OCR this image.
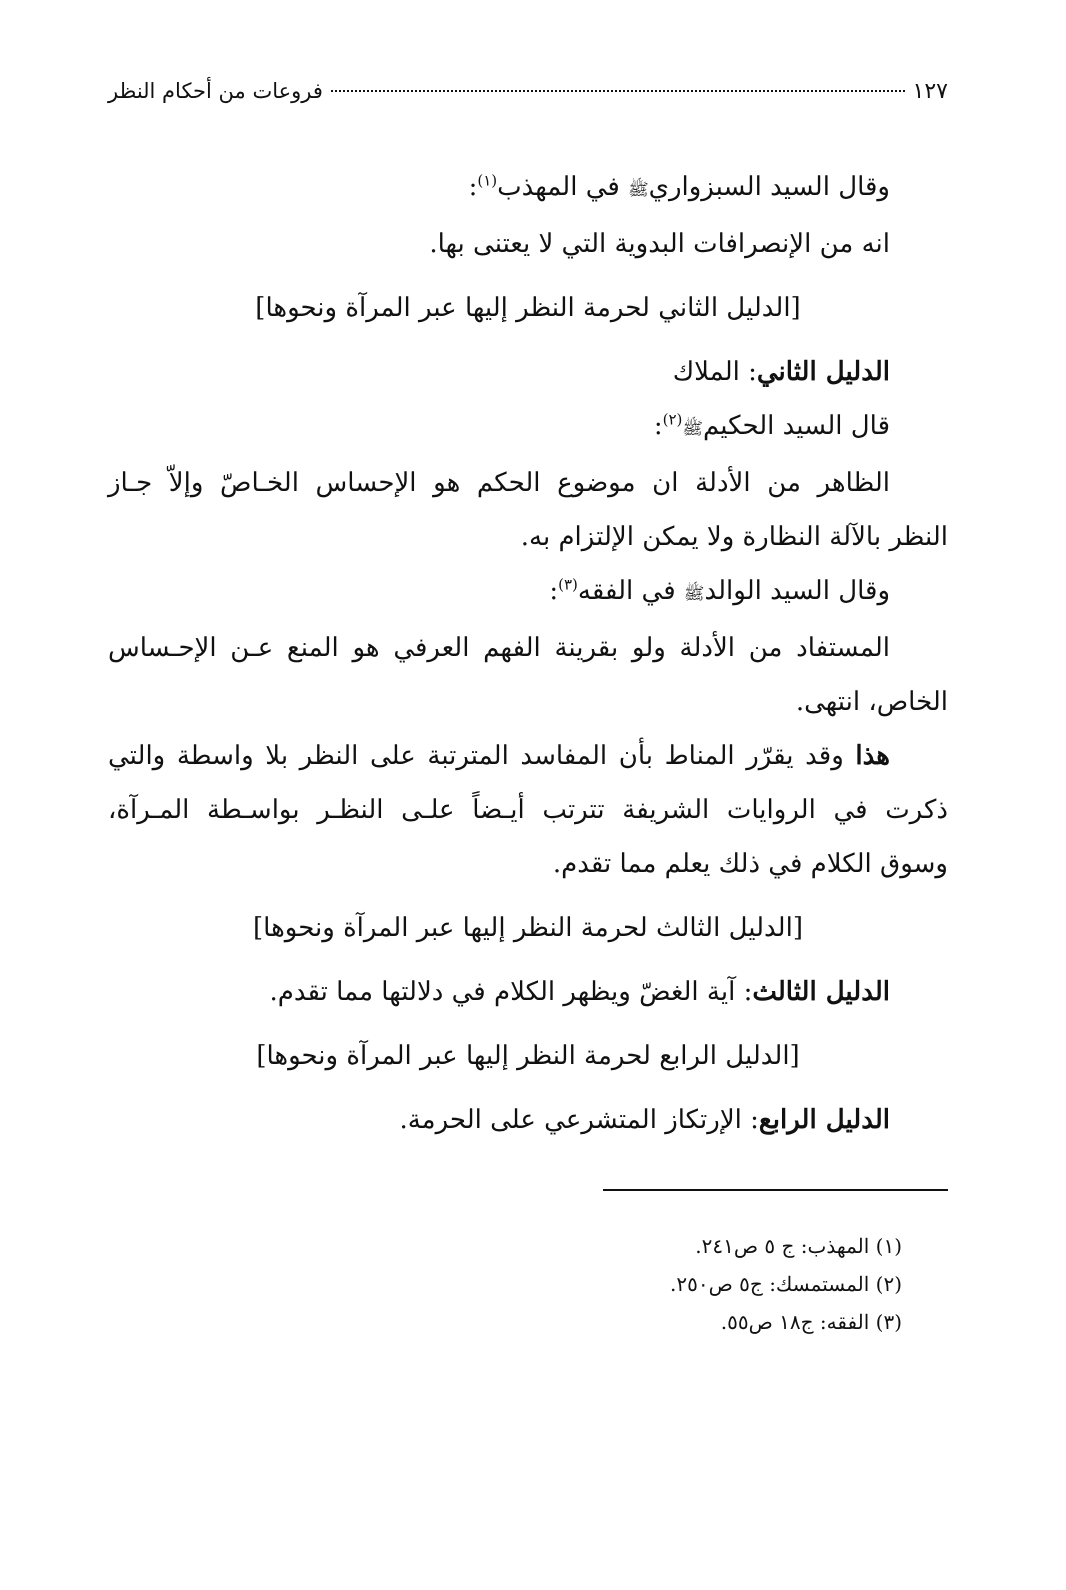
١٢٧
فروعات من أحكام النظر

وقال السيد السبزواريﷺ في المهذب$^{(١)}$:

انه من الإنصرافات البدوية التي لا يعتنى بها.

[الدليل الثاني لحرمة النظر إليها عبر المرآة ونحوها]

الدليل الثاني: الملاك

قال السيد الحكيمﷺ$^{(٢)}$:

الظاهر من الأدلة ان موضوع الحكم هو الإحساس الخـاصّ وإلاّ جـاز

النظر بالآلة النظارة ولا يمكن الإلتزام به.

وقال السيد الوالدﷺ في الفقه$^{(٣)}$:

المستفاد من الأدلة ولو بقرينة الفهم العرفي هو المنع عـن الإحـساس

الخاص، انتهى.

هذا وقد يقرّر المناط بأن المفاسد المترتبة على النظر بلا واسطة والتي

ذكرت في الروايات الشريفة تترتب أيـضاً علـى النظـر بواسـطة المـرآة،

وسوق الكلام في ذلك يعلم مما تقدم.

[الدليل الثالث لحرمة النظر إليها عبر المرآة ونحوها]

الدليل الثالث: آية الغضّ ويظهر الكلام في دلالتها مما تقدم.

[الدليل الرابع لحرمة النظر إليها عبر المرآة ونحوها]

الدليل الرابع: الإرتكاز المتشرعي على الحرمة.

(١) المهذب: ج ٥ ص٢٤١.
(٢) المستمسك: ج٥ ص٢٥٠.
(٣) الفقه: ج١٨ ص٥٥.
